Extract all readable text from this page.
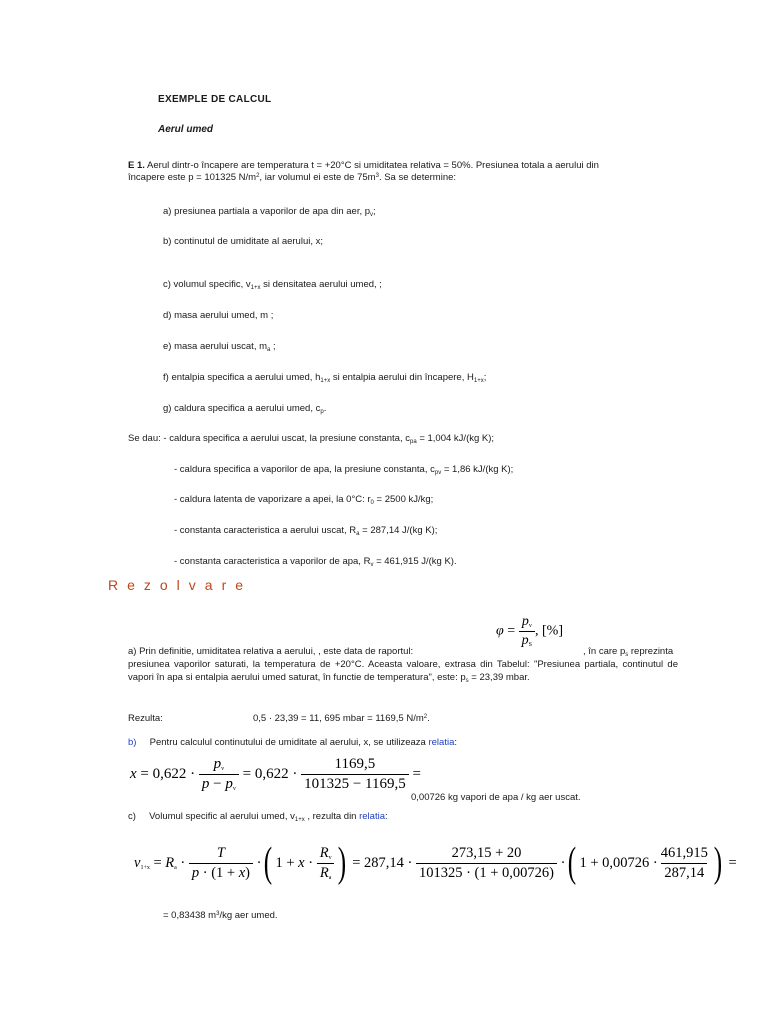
EXEMPLE DE CALCUL
Aerul umed
E 1. Aerul dintr-o încapere are temperatura t = +20°C si umiditatea relativa = 50%. Presiunea totala a aerului din
încapere este p = 101325 $N/m^2$, iar volumul ei este de $75m^3$. Sa se determine:
a) presiunea partiala a vaporilor de apa din aer, $p_v$;
b) continutul de umiditate al aerului, x;
c) volumul specific, $v_{1+x}$ si densitatea aerului umed, ;
d) masa aerului umed, m ;
e) masa aerului uscat, $m_a$ ;
f) entalpia specifica a aerului umed, $h_{1+x}$ si entalpia aerului din încapere, $H_{1+x}$;
g) caldura specifica a aerului umed, $c_p$.
Se dau: - caldura specifica a aerului uscat, la presiune constanta, $c_{pa} = 1,004$ kJ/(kg K);
- caldura specifica a vaporilor de apa, la presiune constanta, $c_{pv} = 1,86$ kJ/(kg K);
- caldura latenta de vaporizare a apei, la 0°C: $r_0 = 2500$ kJ/kg;
- constanta caracteristica a aerului uscat, $R_a = 287,14$ J/(kg K);
- constanta caracteristica a vaporilor de apa, $R_v = 461,915$ J/(kg K).
Rezolvare
$\varphi = \frac{p_v}{p_S}$ , [%]
a) Prin definitie, umiditatea relativa a aerului, , este data de raportul:	, în care $p_s$ reprezinta
presiunea vaporilor saturati, la temperatura de +20°C. Aceasta valoare, extrasa din Tabelul: "Presiunea partiala, continutul de vapori în apa si entalpia aerului umed saturat, în functie de temperatura", este: $p_s = 23,39$ mbar.
Rezulta:	0,5 · 23,39 = 11, 695 mbar = 1169,5 $N/m^2$.
b) Pentru calculul continutului de umiditate al aerului, x, se utilizeaza relatia:
$x = 0,622 \cdot \frac{p_v}{p - p_v} = 0,622 \cdot \frac{1169,5}{101325 - 1169,5}$ =
0,00726 kg vapori de apa / kg aer uscat.
c) Volumul specific al aerului umed, $v_{1+x}$ , rezulta din relatia:
$v_{1+x} = R_a \cdot \frac{T}{p \cdot (1 + x)}$ · ( $1 + x \cdot \frac{R_v}{R_a}$ ) = $287,14 \cdot \frac{273,15 + 20}{101325 \cdot (1 + 0,00726)}$ · ( $1 + 0,00726 \cdot \frac{461,915}{287,14}$ ) =
= 0,83438 $m^3/kg$ aer umed.
